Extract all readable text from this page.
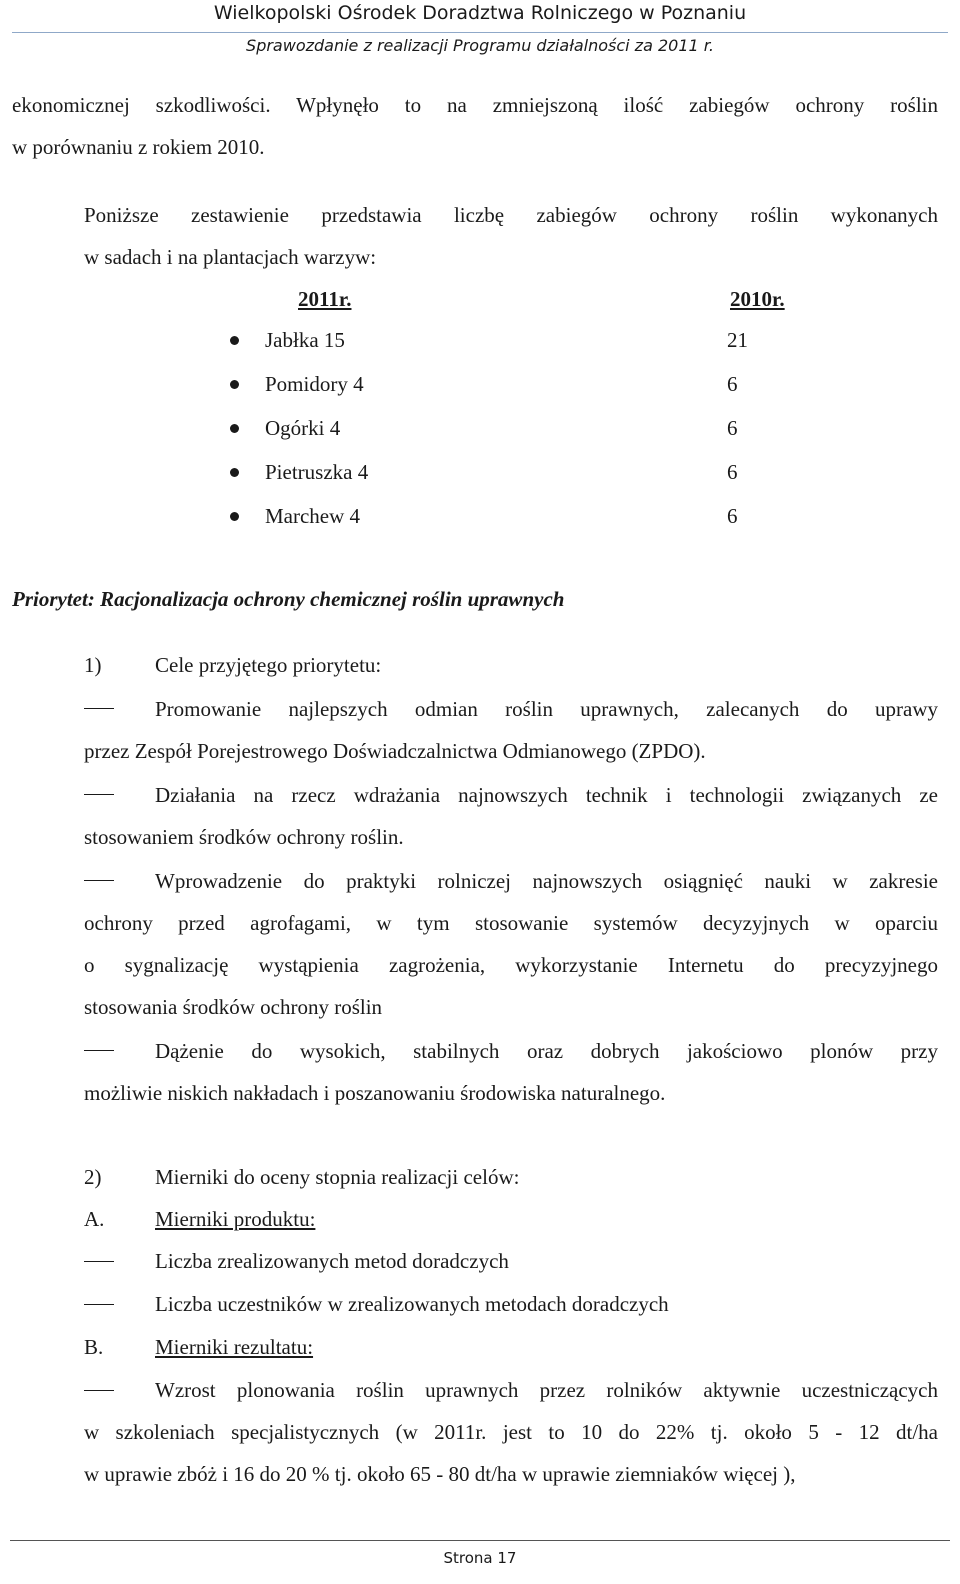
Wielkopolski Ośrodek Doradztwa Rolniczego w Poznaniu
Sprawozdanie z realizacji Programu działalności za 2011 r.
ekonomicznej szkodliwości. Wpłynęło to na zmniejszoną ilość zabiegów ochrony roślin
w porównaniu z rokiem 2010.
Poniższe zestawienie przedstawia liczbę zabiegów ochrony roślin wykonanych
w sadach i na plantacjach warzyw:
2011r.	2010r.
Jabłka 15	21
Pomidory 4	6
Ogórki 4	6
Pietruszka 4	6
Marchew 4	6
Priorytet: Racjonalizacja ochrony chemicznej roślin uprawnych
1)	Cele przyjętego priorytetu:
Promowanie najlepszych odmian roślin uprawnych, zalecanych do uprawy
przez Zespół Porejestrowego Doświadczalnictwa Odmianowego (ZPDO).
Działania na rzecz wdrażania najnowszych technik i technologii związanych ze
stosowaniem środków ochrony roślin.
Wprowadzenie do praktyki rolniczej najnowszych osiągnięć nauki w zakresie
ochrony przed agrofagami, w tym stosowanie systemów decyzyjnych w oparciu
o sygnalizację wystąpienia zagrożenia, wykorzystanie Internetu do precyzyjnego
stosowania środków ochrony roślin
Dążenie do wysokich, stabilnych oraz dobrych jakościowo plonów przy
możliwie niskich nakładach i poszanowaniu środowiska naturalnego.
2)	Mierniki do oceny stopnia realizacji celów:
A. Mierniki produktu:
Liczba zrealizowanych metod doradczych
Liczba uczestników w zrealizowanych metodach doradczych
B. Mierniki rezultatu:
Wzrost plonowania roślin uprawnych przez rolników aktywnie uczestniczących
w szkoleniach specjalistycznych (w 2011r. jest to 10 do 22% tj. około 5 - 12 dt/ha
w uprawie zbóż i 16 do 20 % tj. około 65 - 80 dt/ha w uprawie ziemniaków więcej ),
Strona 17
